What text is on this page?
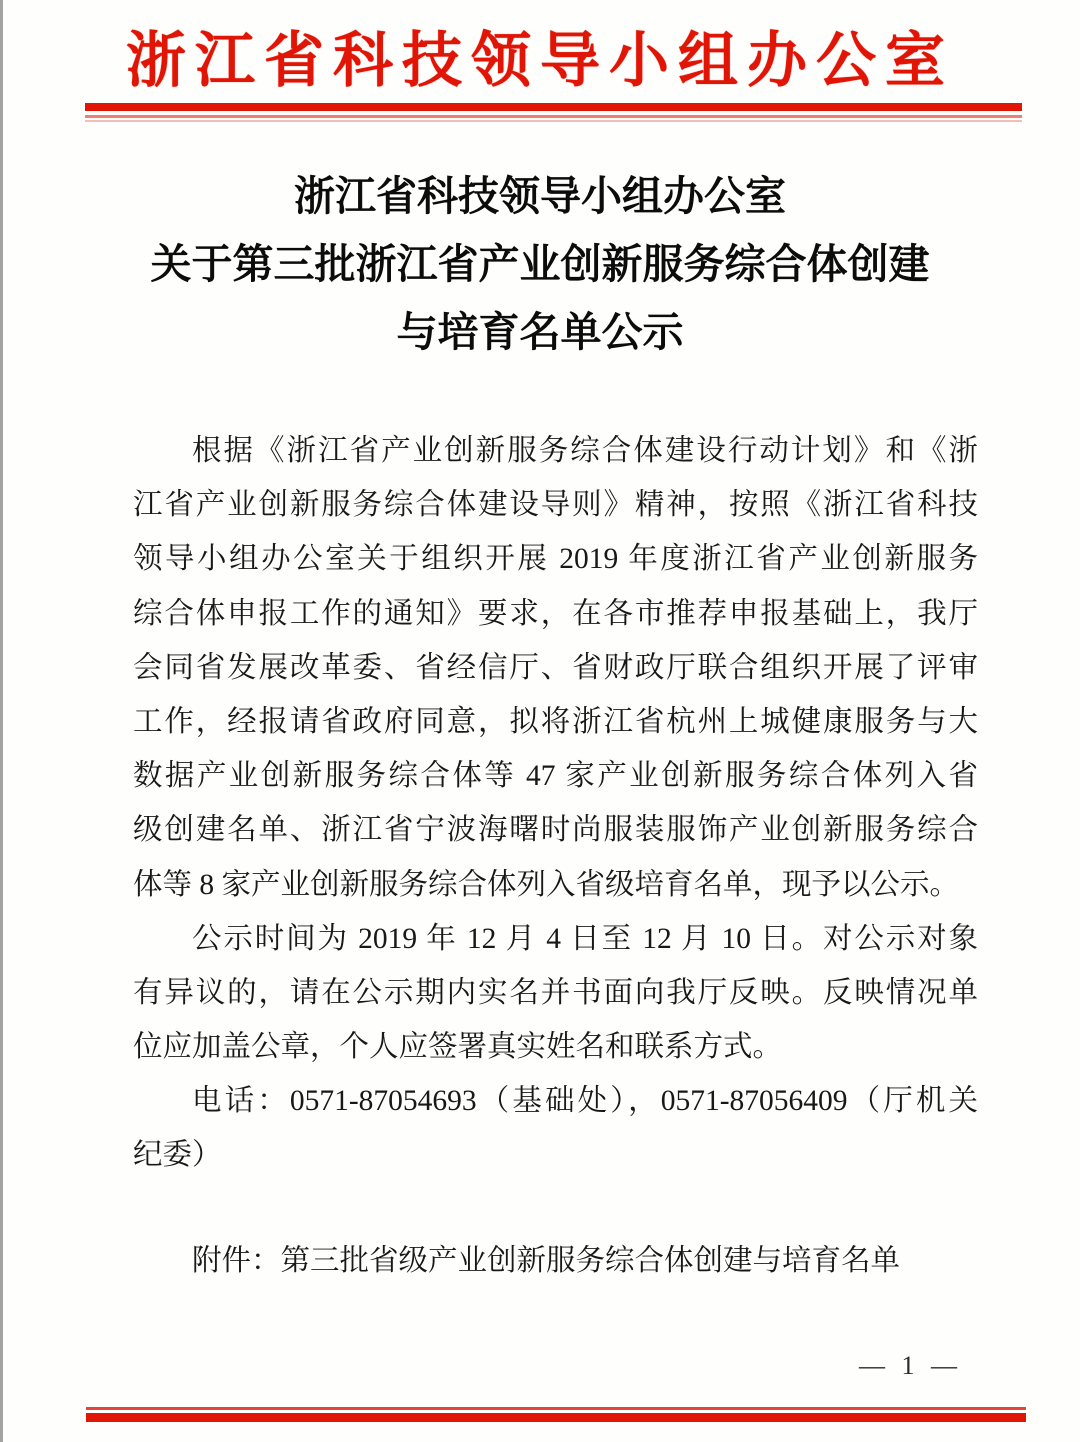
浙江省科技领导小组办公室
浙江省科技领导小组办公室
关于第三批浙江省产业创新服务综合体创建
与培育名单公示
根据《浙江省产业创新服务综合体建设行动计划》和《浙
江省产业创新服务综合体建设导则》精神，按照《浙江省科技
领导小组办公室关于组织开展 2019 年度浙江省产业创新服务
综合体申报工作的通知》要求，在各市推荐申报基础上，我厅
会同省发展改革委、省经信厅、省财政厅联合组织开展了评审
工作，经报请省政府同意，拟将浙江省杭州上城健康服务与大
数据产业创新服务综合体等 47 家产业创新服务综合体列入省
级创建名单、浙江省宁波海曙时尚服装服饰产业创新服务综合
体等 8 家产业创新服务综合体列入省级培育名单，现予以公示。
公示时间为 2019 年 12 月 4 日至 12 月 10 日。对公示对象
有异议的，请在公示期内实名并书面向我厅反映。反映情况单
位应加盖公章，个人应签署真实姓名和联系方式。
电话：0571-87054693（基础处），0571-87056409（厅机关
纪委）
附件：第三批省级产业创新服务综合体创建与培育名单
— 1 —
